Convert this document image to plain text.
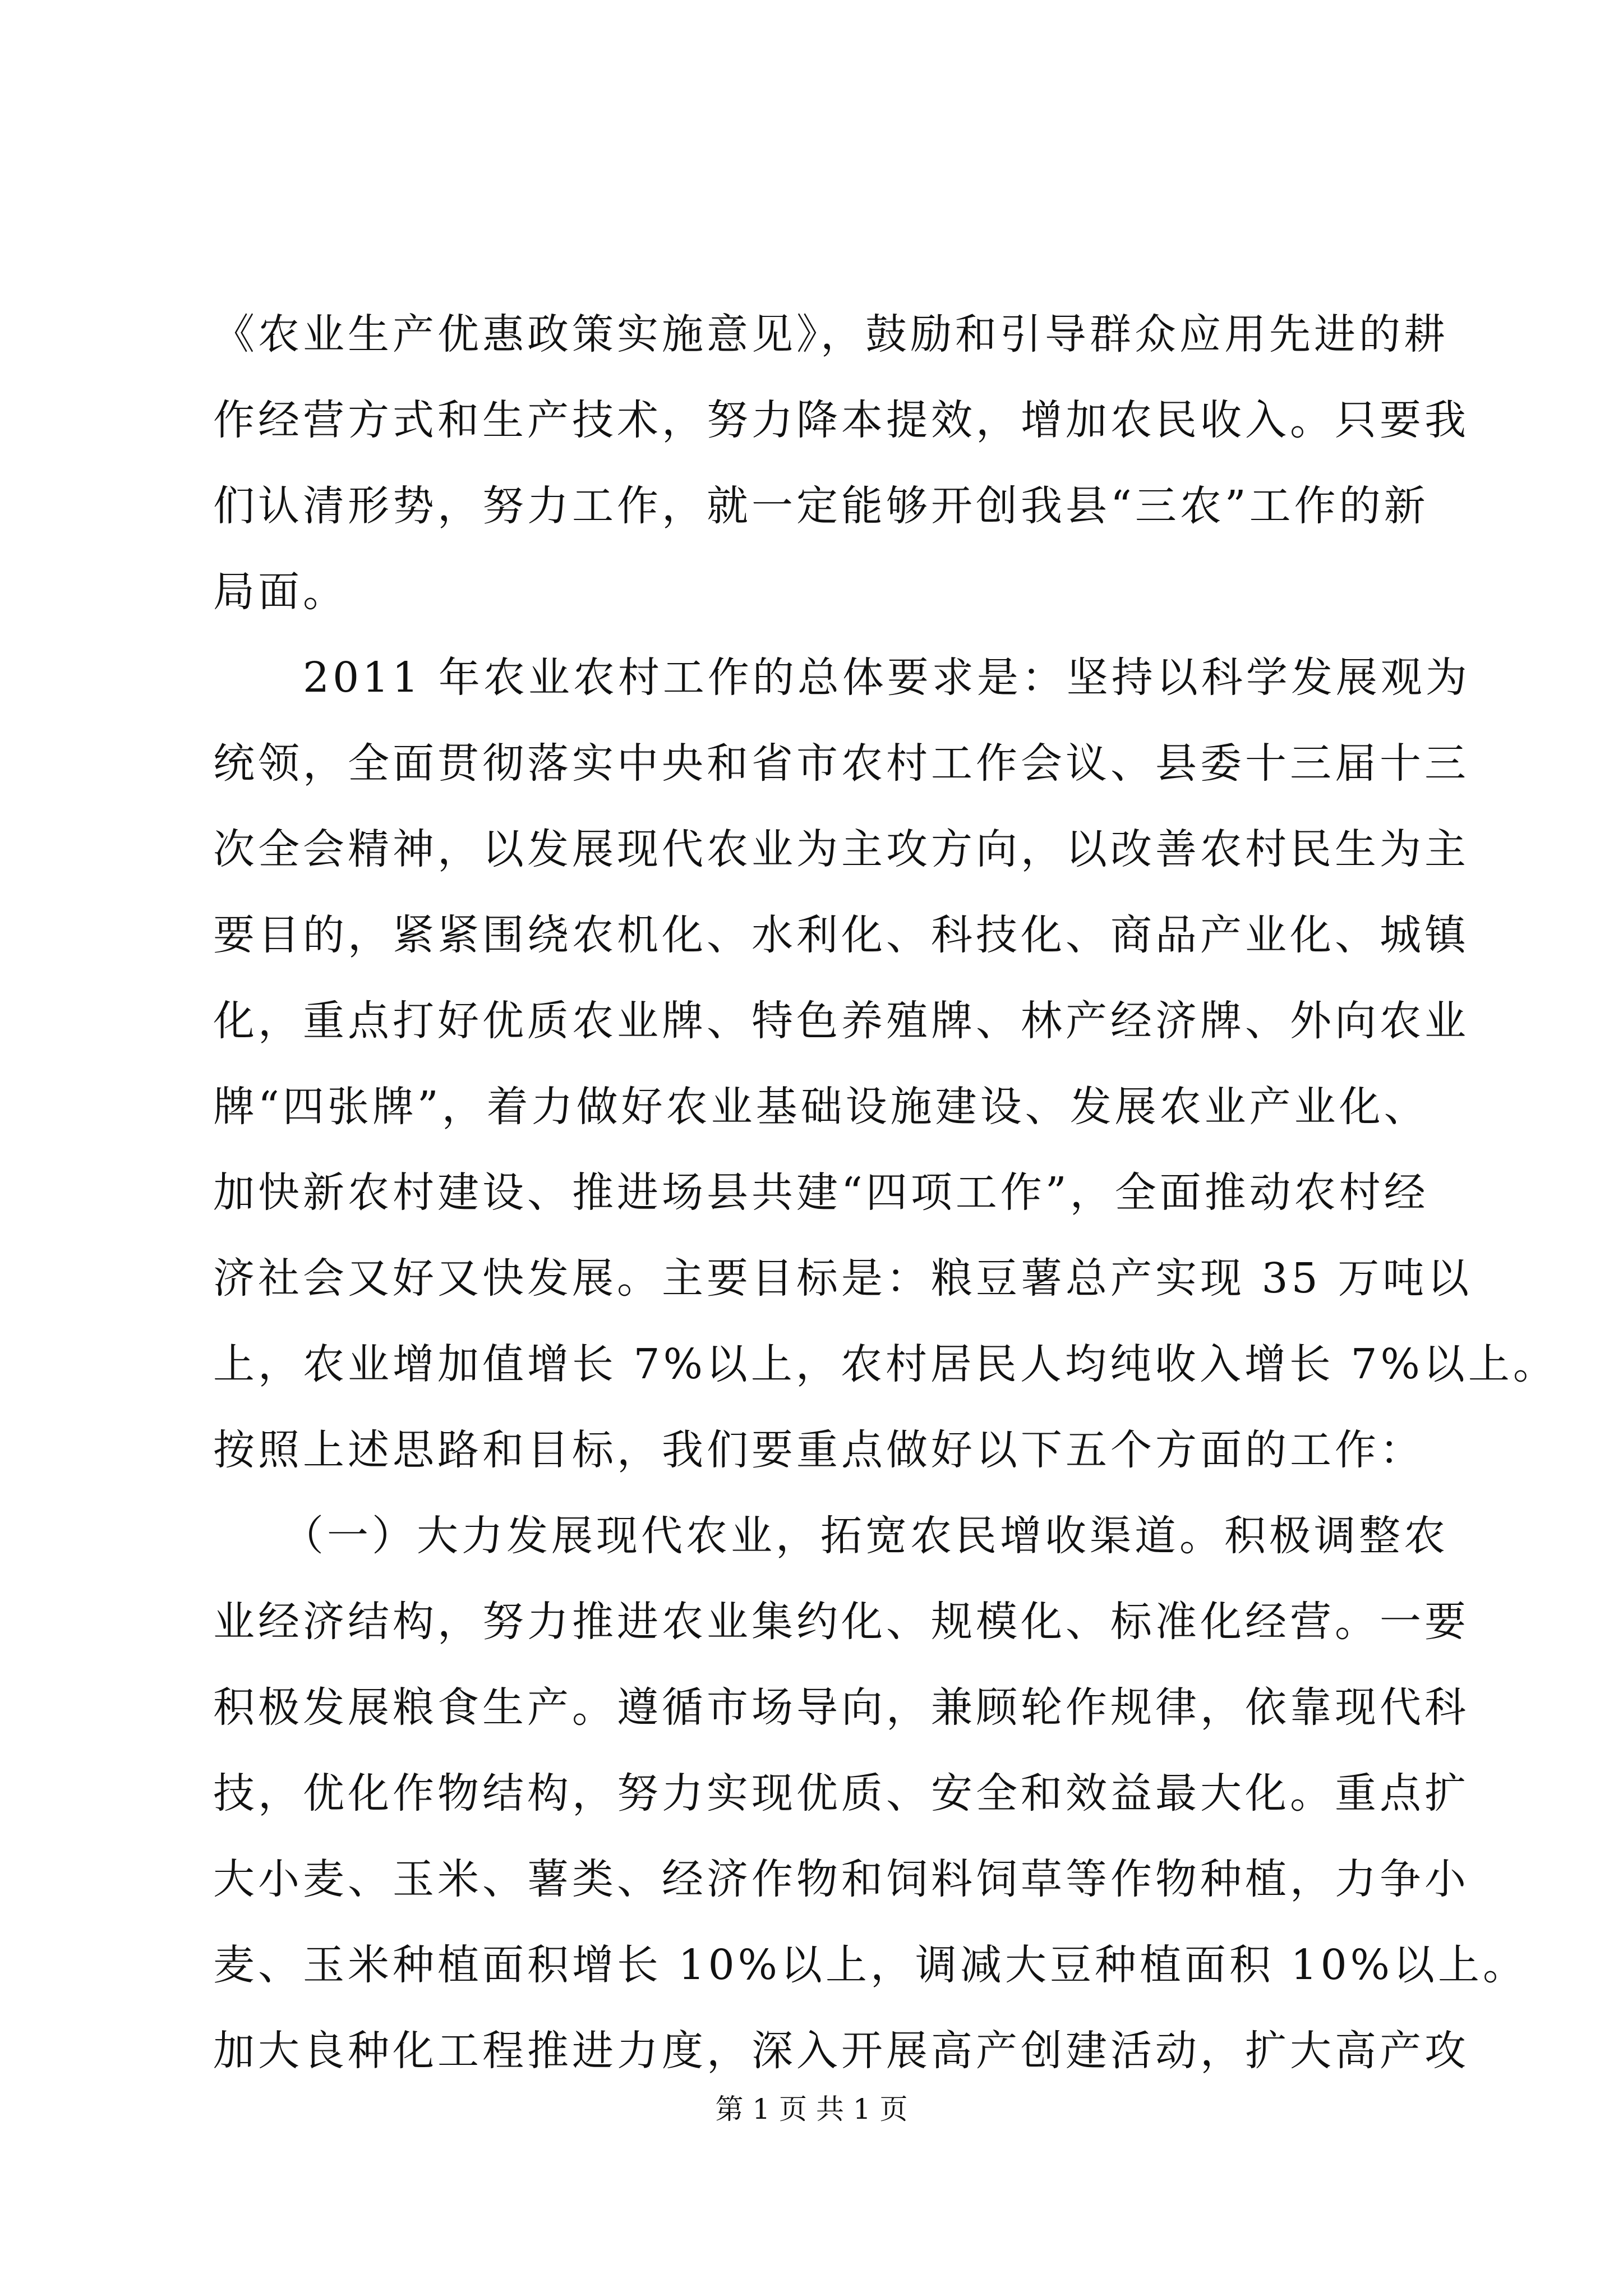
《农业生产优惠政策实施意见》，鼓励和引导群众应用先进的耕
作经营方式和生产技术，努力降本提效，增加农民收入。只要我
们认清形势，努力工作，就一定能够开创我县“三农”工作的新
局面。
　　2011 年农业农村工作的总体要求是：坚持以科学发展观为
统领，全面贯彻落实中央和省市农村工作会议、县委十三届十三
次全会精神，以发展现代农业为主攻方向，以改善农村民生为主
要目的，紧紧围绕农机化、水利化、科技化、商品产业化、城镇
化，重点打好优质农业牌、特色养殖牌、林产经济牌、外向农业
牌“四张牌”，着力做好农业基础设施建设、发展农业产业化、
加快新农村建设、推进场县共建“四项工作”，全面推动农村经
济社会又好又快发展。主要目标是：粮豆薯总产实现 35 万吨以
上，农业增加值增长 7%以上，农村居民人均纯收入增长 7%以上。
按照上述思路和目标，我们要重点做好以下五个方面的工作：
　　（一）大力发展现代农业，拓宽农民增收渠道。积极调整农
业经济结构，努力推进农业集约化、规模化、标准化经营。一要
积极发展粮食生产。遵循市场导向，兼顾轮作规律，依靠现代科
技，优化作物结构，努力实现优质、安全和效益最大化。重点扩
大小麦、玉米、薯类、经济作物和饲料饲草等作物种植，力争小
麦、玉米种植面积增长 10%以上，调减大豆种植面积 10%以上。
加大良种化工程推进力度，深入开展高产创建活动，扩大高产攻
第 1 页 共 1 页
